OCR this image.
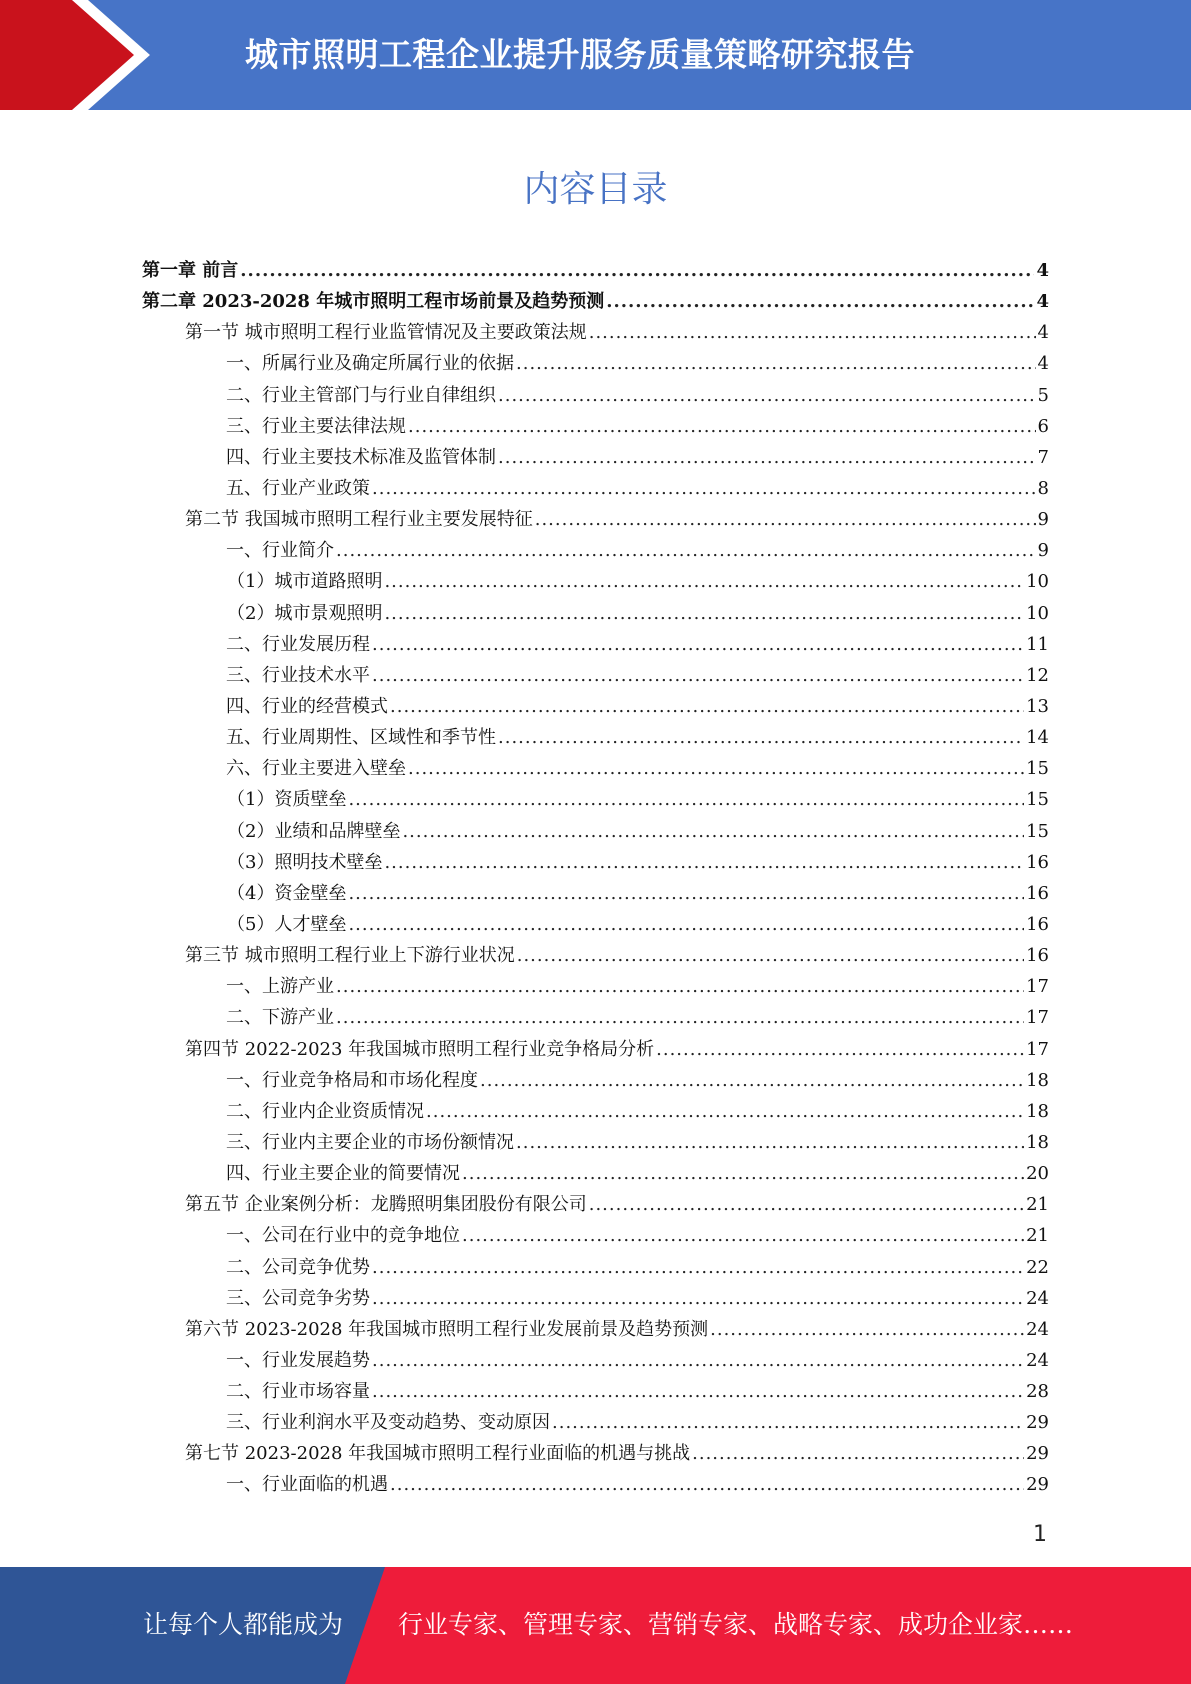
城市照明工程企业提升服务质量策略研究报告
内容目录
第一章 前言 .....	4
第二章 2023-2028 年城市照明工程市场前景及趋势预测 .....	4
第一节 城市照明工程行业监管情况及主要政策法规 .....	4
一、所属行业及确定所属行业的依据 .....	4
二、行业主管部门与行业自律组织 .....	5
三、行业主要法律法规 .....	6
四、行业主要技术标准及监管体制 .....	7
五、行业产业政策 .....	8
第二节 我国城市照明工程行业主要发展特征 .....	9
一、行业简介 .....	9
（1）城市道路照明 .....	10
（2）城市景观照明 .....	10
二、行业发展历程 .....	11
三、行业技术水平 .....	12
四、行业的经营模式 .....	13
五、行业周期性、区域性和季节性 .....	14
六、行业主要进入壁垒 .....	15
（1）资质壁垒 .....	15
（2）业绩和品牌壁垒 .....	15
（3）照明技术壁垒 .....	16
（4）资金壁垒 .....	16
（5）人才壁垒 .....	16
第三节 城市照明工程行业上下游行业状况 .....	16
一、上游产业 .....	17
二、下游产业 .....	17
第四节 2022-2023 年我国城市照明工程行业竞争格局分析 .....	17
一、行业竞争格局和市场化程度 .....	18
二、行业内企业资质情况 .....	18
三、行业内主要企业的市场份额情况 .....	18
四、行业主要企业的简要情况 .....	20
第五节 企业案例分析：龙腾照明集团股份有限公司 .....	21
一、公司在行业中的竞争地位 .....	21
二、公司竞争优势 .....	22
三、公司竞争劣势 .....	24
第六节 2023-2028 年我国城市照明工程行业发展前景及趋势预测 .....	24
一、行业发展趋势 .....	24
二、行业市场容量 .....	28
三、行业利润水平及变动趋势、变动原因 .....	29
第七节 2023-2028 年我国城市照明工程行业面临的机遇与挑战 .....	29
一、行业面临的机遇 .....	29
1
让每个人都能成为 行业专家、管理专家、营销专家、战略专家、成功企业家……
